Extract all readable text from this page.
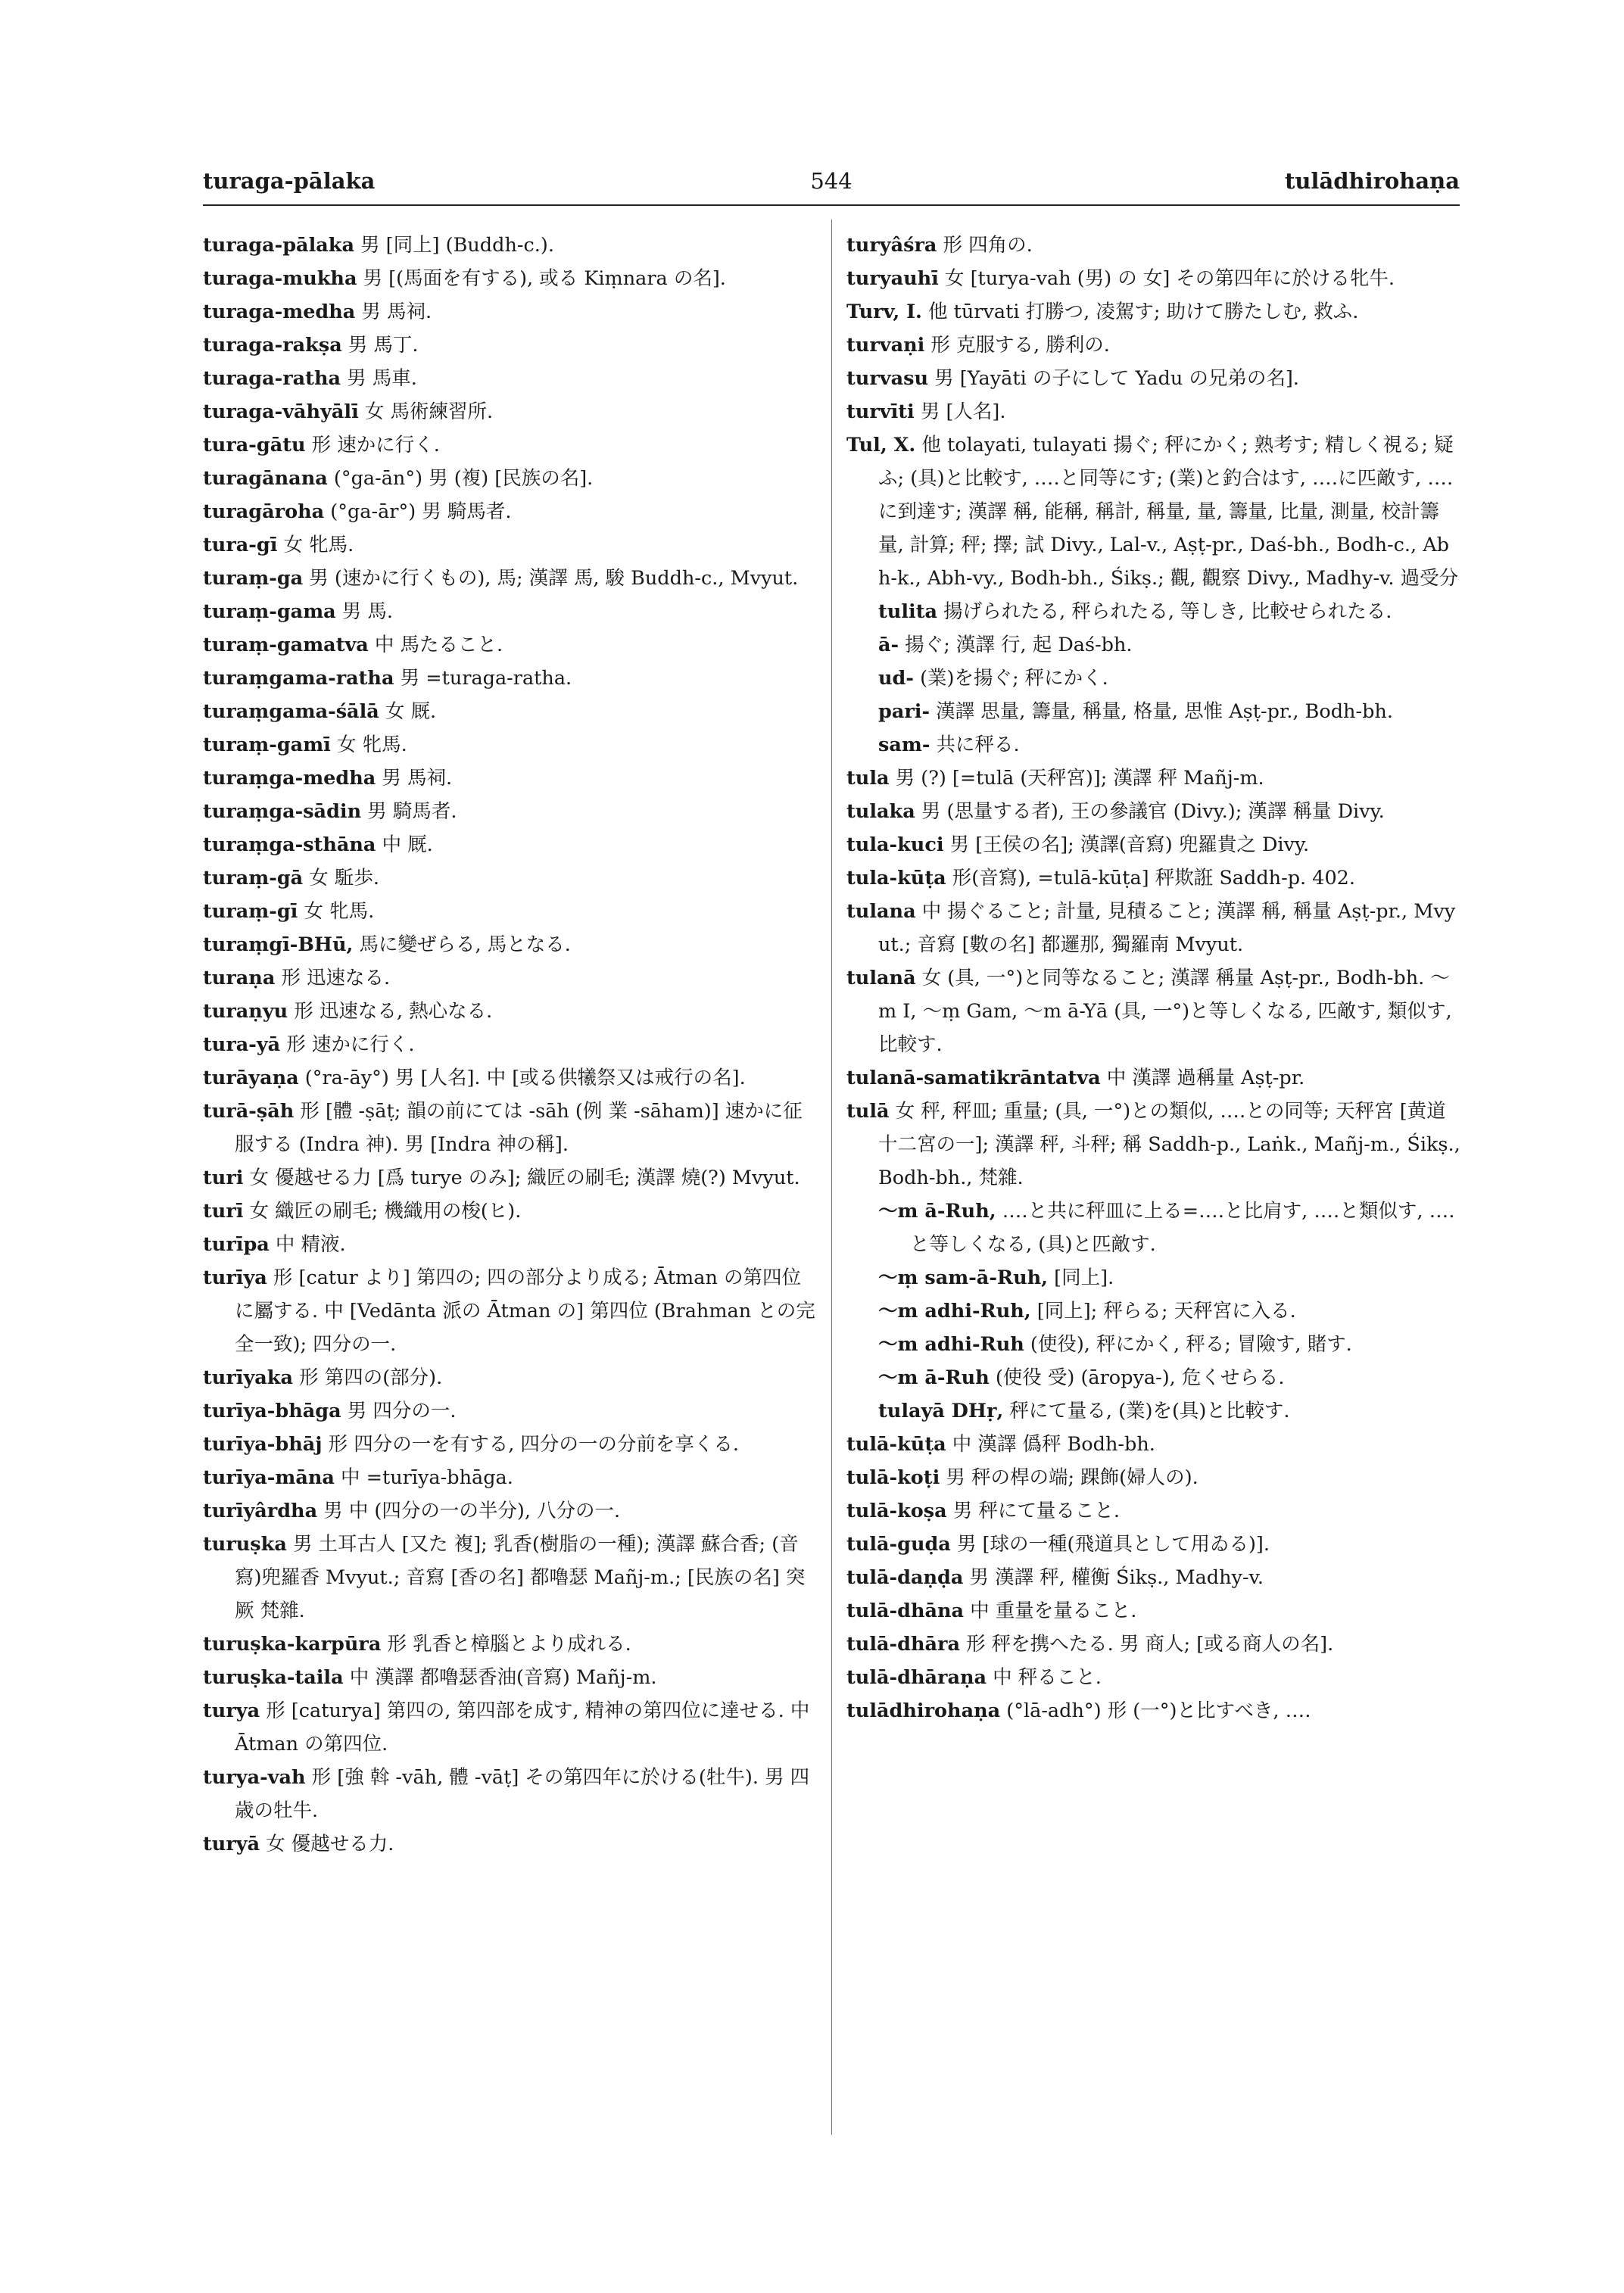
turaga-pālaka	544	tulādhirohaṇa

turaga-pālaka 男 [同上] (Buddh-c.).

turaga-mukha 男 [(馬面を有する), 或る Kiṃnara の名].

turaga-medha 男 馬祠.

turaga-rakṣa 男 馬丁.

turaga-ratha 男 馬車.

turaga-vāhyālī 女 馬術練習所.

tura-gātu 形 速かに行く.

turagānana (°ga-ān°) 男 (複) [民族の名].

turagāroha (°ga-ār°) 男 騎馬者.

tura-gī 女 牝馬.

turaṃ-ga 男 (速かに行くもの), 馬; 漢譯 馬, 駿 Buddh-c., Mvyut.

turaṃ-gama 男 馬.

turaṃ-gamatva 中 馬たること.

turaṃgama-ratha 男 =turaga-ratha.

turaṃgama-śālā 女 厩.

turaṃ-gamī 女 牝馬.

turaṃga-medha 男 馬祠.

turaṃga-sādin 男 騎馬者.

turaṃga-sthāna 中 厩.

turaṃ-gā 女 駈歩.

turaṃ-gī 女 牝馬.

turaṃgī-BHū, 馬に變ぜらる, 馬となる.

turaṇa 形 迅速なる.

turaṇyu 形 迅速なる, 熱心なる.

tura-yā 形 速かに行く.

turāyaṇa (°ra-āy°) 男 [人名]. 中 [或る供犧祭又は戒行の名].

turā-ṣāh 形 [體 -ṣāṭ; 韻の前にては -sāh (例 業 -sāham)] 速かに征服する (Indra 神). 男 [Indra 神の稱].

turi 女 優越せる力 [爲 turye のみ]; 織匠の刷毛; 漢譯 燒(?) Mvyut.

turī 女 織匠の刷毛; 機織用の梭(ヒ).

turīpa 中 精液.

turīya 形 [catur より] 第四の; 四の部分より成る; Ātman の第四位に屬する. 中 [Vedānta 派の Ātman の] 第四位 (Brahman との完全一致); 四分の一.

turīyaka 形 第四の(部分).

turīya-bhāga 男 四分の一.

turīya-bhāj 形 四分の一を有する, 四分の一の分前を享くる.

turīya-māna 中 =turīya-bhāga.

turīyârdha 男 中 (四分の一の半分), 八分の一.

turuṣka 男 土耳古人 [又た 複]; 乳香(樹脂の一種); 漢譯 蘇合香; (音寫)兜羅香 Mvyut.; 音寫 [香の名] 都嚕瑟 Mañj-m.; [民族の名] 突厥 梵雜.

turuṣka-karpūra 形 乳香と樟腦とより成れる.

turuṣka-taila 中 漢譯 都嚕瑟香油(音寫) Mañj-m.

turya 形 [caturya] 第四の, 第四部を成す, 精神の第四位に達せる. 中 Ātman の第四位.

turya-vah 形 [強 斡 -vāh, 體 -vāṭ] その第四年に於ける(牡牛). 男 四歳の牡牛.

turyā 女 優越せる力.

turyâśra 形 四角の.

turyauhī 女 [turya-vah (男) の 女] その第四年に於ける牝牛.

Turv, I. 他 tūrvati 打勝つ, 凌駕す; 助けて勝たしむ, 救ふ.

turvaṇi 形 克服する, 勝利の.

turvasu 男 [Yayāti の子にして Yadu の兄弟の名].

turvīti 男 [人名].

Tul, X. 他 tolayati, tulayati 揚ぐ; 秤にかく; 熟考す; 精しく視る; 疑ふ; (具)と比較す, ‥‥と同等にす; (業)と釣合はす, ‥‥に匹敵す, ‥‥に到達す; 漢譯 稱, 能稱, 稱計, 稱量, 量, 籌量, 比量, 測量, 校計籌量, 計算; 秤; 擇; 試 Divy., Lal-v., Aṣṭ-pr., Daś-bh., Bodh-c., Abh-k., Abh-vy., Bodh-bh., Śikṣ.; 觀, 觀察 Divy., Madhy-v. 過受分

tulita 揚げられたる, 秤られたる, 等しき, 比較せられたる.

ā- 揚ぐ; 漢譯 行, 起 Daś-bh.

ud- (業)を揚ぐ; 秤にかく.

pari- 漢譯 思量, 籌量, 稱量, 格量, 思惟 Aṣṭ-pr., Bodh-bh.

sam- 共に秤る.

tula 男 (?) [=tulā (天秤宮)]; 漢譯 秤 Mañj-m.

tulaka 男 (思量する者), 王の參議官 (Divy.); 漢譯 稱量 Divy.

tula-kuci 男 [王侯の名]; 漢譯(音寫) 兜羅貴之 Divy.

tula-kūṭa 形(音寫), =tulā-kūṭa] 秤欺誑 Saddh-p. 402.

tulana 中 揚ぐること; 計量, 見積ること; 漢譯 稱, 稱量 Aṣṭ-pr., Mvyut.; 音寫 [數の名] 都邏那, 獨羅南 Mvyut.

tulanā 女 (具, 一°)と同等なること; 漢譯 稱量 Aṣṭ-pr., Bodh-bh. ～m I, ～ṃ Gam, ～m ā-Yā (具, 一°)と等しくなる, 匹敵す, 類似す, 比較す.

tulanā-samatikrāntatva 中 漢譯 過稱量 Aṣṭ-pr.

tulā 女 秤, 秤皿; 重量; (具, 一°)との類似, ‥‥との同等; 天秤宮 [黄道十二宮の一]; 漢譯 秤, 斗秤; 稱 Saddh-p., Laṅk., Mañj-m., Śikṣ., Bodh-bh., 梵雜.

～m ā-Ruh, ‥‥と共に秤皿に上る=‥‥と比肩す, ‥‥と類似す, ‥‥と等しくなる, (具)と匹敵す.

～ṃ sam-ā-Ruh, [同上].

～m adhi-Ruh, [同上]; 秤らる; 天秤宮に入る.

～m adhi-Ruh (使役), 秤にかく, 秤る; 冒險す, 賭す.

～m ā-Ruh (使役 受) (āropya-), 危くせらる.

tulayā DHṛ, 秤にて量る, (業)を(具)と比較す.

tulā-kūṭa 中 漢譯 僞秤 Bodh-bh.

tulā-koṭi 男 秤の桿の端; 踝飾(婦人の).

tulā-koṣa 男 秤にて量ること.

tulā-guḍa 男 [球の一種(飛道具として用ゐる)].

tulā-daṇḍa 男 漢譯 秤, 權衡 Śikṣ., Madhy-v.

tulā-dhāna 中 重量を量ること.

tulā-dhāra 形 秤を携へたる. 男 商人; [或る商人の名].

tulā-dhāraṇa 中 秤ること.

tulādhirohaṇa (°lā-adh°) 形 (一°)と比すべき, ‥‥
